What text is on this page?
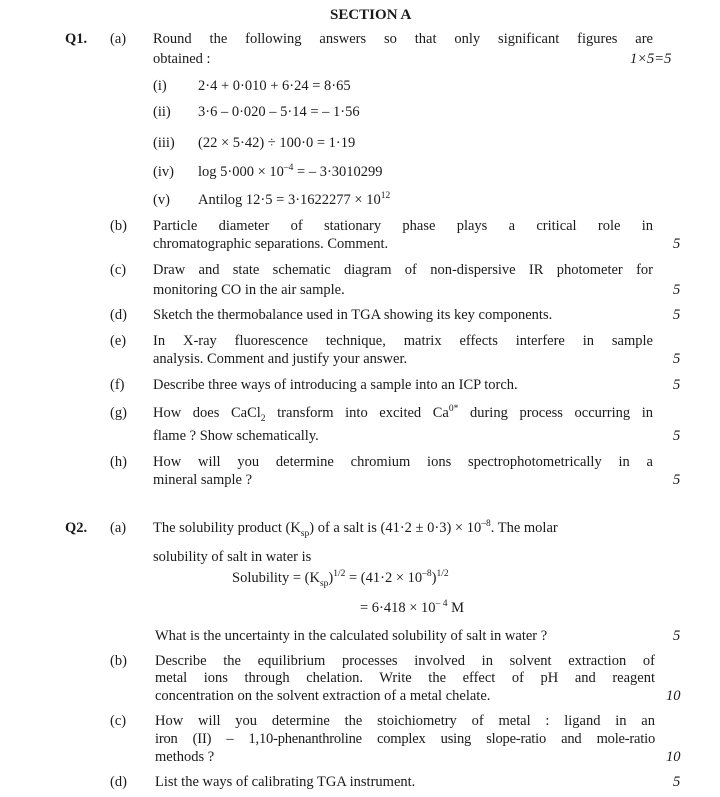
SECTION A
Q1. (a) Round the following answers so that only significant figures are
obtained :	1×5=5
(i) 2·4 + 0·010 + 6·24 = 8·65
(ii) 3·6 – 0·020 – 5·14 = – 1·56
(iii) (22 × 5·42) ÷ 100·0 = 1·19
(iv) $\log 5\cdot 000 \times 10^{-4}$ = – 3·3010299
(v) Antilog $12\cdot 5 = 3\cdot 1622277 \times 10^{12}$
(b) Particle diameter of stationary phase plays a critical role in
chromatographic separations. Comment.	5
(c) Draw and state schematic diagram of non-dispersive IR photometer for
monitoring CO in the air sample.	5
(d) Sketch the thermobalance used in TGA showing its key components.	5
(e) In X-ray fluorescence technique, matrix effects interfere in sample
analysis. Comment and justify your answer.	5
(f) Describe three ways of introducing a sample into an ICP torch.	5
(g) How does CaCl$_2$ transform into excited $Ca^{0*}$ during process occurring in
flame ? Show schematically.	5
(h) How will you determine chromium ions spectrophotometrically in a
mineral sample ?	5
Q2. (a) The solubility product $(K_{sp})$ of a salt is $(41\cdot 2 \pm 0\cdot 3) \times 10^{-8}$. The molar
solubility of salt in water is
Solubility = $(K_{sp})^{1/2} = (41\cdot 2 \times 10^{-8})^{1/2}$
= $6\cdot 418 \times 10^{- 4}$ M
What is the uncertainty in the calculated solubility of salt in water ?	5
(b) Describe the equilibrium processes involved in solvent extraction of
metal ions through chelation. Write the effect of pH and reagent
concentration on the solvent extraction of a metal chelate.	10
(c) How will you determine the stoichiometry of metal : ligand in an
iron (II) – 1,10-phenanthroline complex using slope-ratio and mole-ratio
methods ?	10
(d) List the ways of calibrating TGA instrument.	5
